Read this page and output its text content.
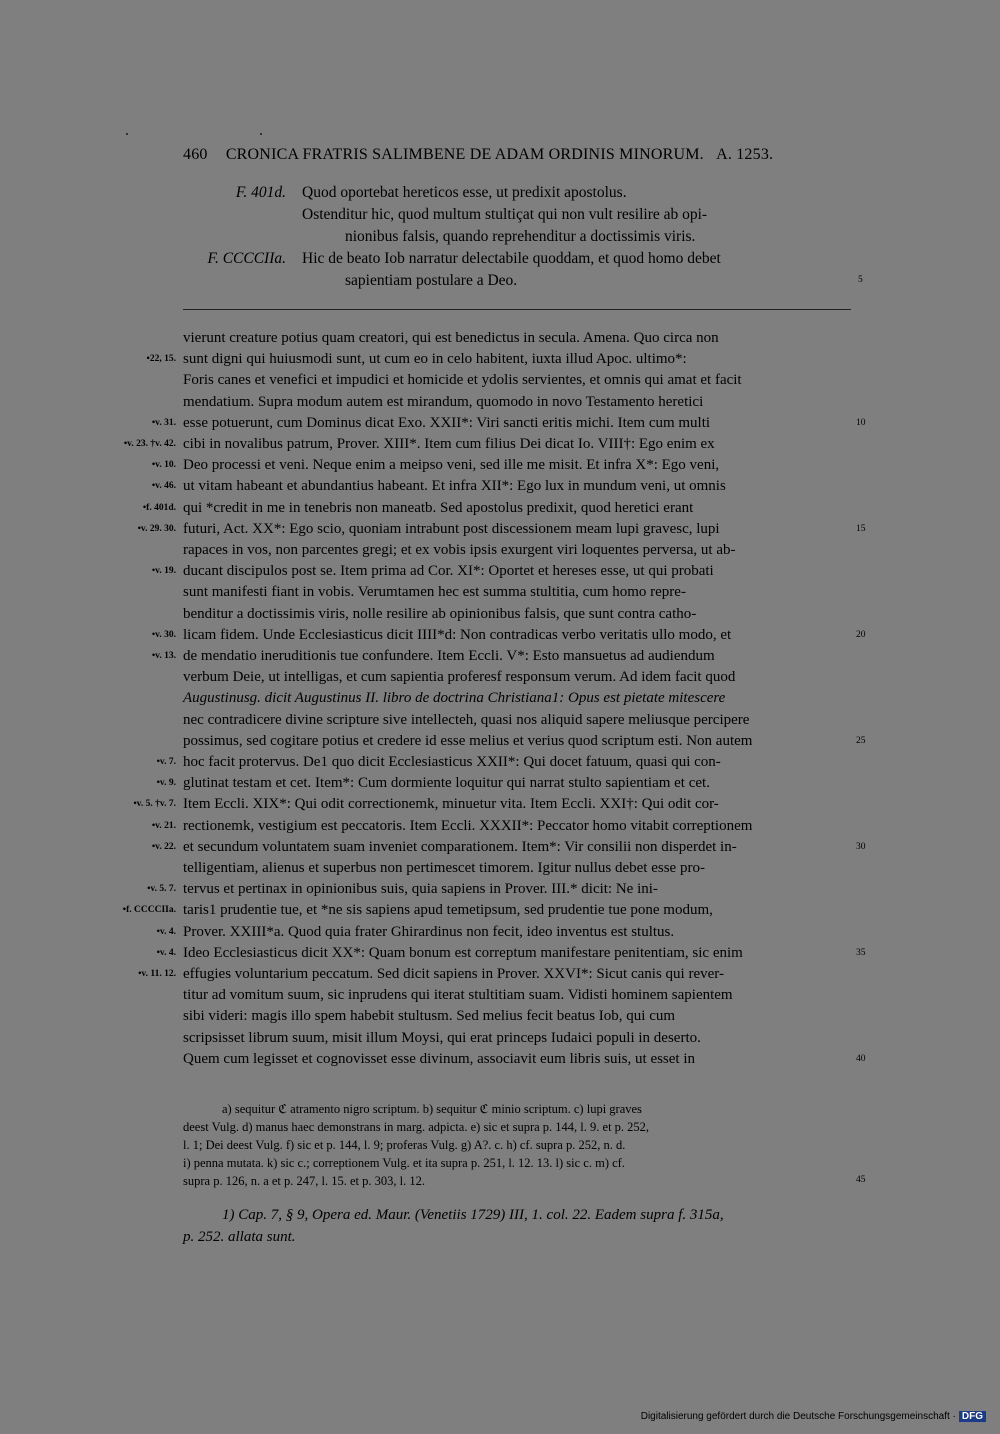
460 CRONICA FRATRIS SALIMBENE DE ADAM ORDINIS MINORUM. A. 1253.
F. 401d. Quod oportebat hereticos esse, ut predixit apostolus.
Ostenditur hic, quod multum stultiçat qui non vult resilire ab opi-
nionibus falsis, quando reprehenditur a doctissimis viris.
F. CCCCIIa. Hic de beato Iob narratur delectabile quoddam, et quod homo debet
sapientiam postulare a Deo.	5
vierunt creature potius quam creatori, qui est benedictus in secula. Amena. Quo circa non
•22, 15. sunt digni qui huiusmodi sunt, ut cum eo in celo habitent, iuxta illud Apoc. ultimo*:
Foris canes et venefici et impudici et homicide et ydolis servientes, et omnis qui amat et facit
mendatium. Supra modum autem est mirandum, quomodo in novo Testamento heretici
•v. 31. esse potuerunt, cum Dominus dicat Exo. XXII*: Viri sancti eritis michi. Item cum multi	10
•v. 23. †v. 42. cibi in novalibus patrum, Prover. XIII*. Item cum filius Dei dicat Io. VIII†: Ego enim ex
•v. 10. Deo processi et veni. Neque enim a meipso veni, sed ille me misit. Et infra X*: Ego veni,
•v. 46. ut vitam habeant et abundantius habeant. Et infra XII*: Ego lux in mundum veni, ut omnis
•f. 401d. qui *credit in me in tenebris non maneatb. Sed apostolus predixit, quod heretici erant
•v. 29. 30. futuri, Act. XX*: Ego scio, quoniam intrabunt post discessionem meam lupi gravesc, lupi	15
rapaces in vos, non parcentes gregi; et ex vobis ipsis exurgent viri loquentes perversa, ut ab-
•v. 19. ducant discipulos post se. Item prima ad Cor. XI*: Oportet et hereses esse, ut qui probati
sunt manifesti fiant in vobis. Verumtamen hec est summa stultitia, cum homo repre-
benditur a doctissimis viris, nolle resilire ab opinionibus falsis, que sunt contra catho-
•v. 30. licam fidem. Unde Ecclesiasticus dicit IIII*d: Non contradicas verbo veritatis ullo modo, et	20
•v. 13. de mendatio ineruditionis tue confundere. Item Eccli. V*: Esto mansuetus ad audiendum
verbum Deie, ut intelligas, et cum sapientia proferesf responsum verum. Ad idem facit quod
Augustinusg. dicit Augustinus II. libro de doctrina Christiana1: Opus est pietate mitescere
nec contradicere divine scripture sive intellecteh, quasi nos aliquid sapere meliusque percipere
possimus, sed cogitare potius et credere id esse melius et verius quod scriptum esti. Non autem	25
•v. 7. hoc facit protervus. De1 quo dicit Ecclesiasticus XXII*: Qui docet fatuum, quasi qui con-
•v. 9. glutinat testam et cet. Item*: Cum dormiente loquitur qui narrat stulto sapientiam et cet.
•v. 5. †v. 7. Item Eccli. XIX*: Qui odit correctionemk, minuetur vita. Item Eccli. XXI†: Qui odit cor-
•v. 21. rectionemk, vestigium est peccatoris. Item Eccli. XXXII*: Peccator homo vitabit correptionem
•v. 22. et secundum voluntatem suam inveniet comparationem. Item*: Vir consilii non disperdet in-	30
telligentiam, alienus et superbus non pertimescet timorem. Igitur nullus debet esse pro-
•v. 5. 7. tervus et pertinax in opinionibus suis, quia sapiens in Prover. III.* dicit: Ne ini-
•f. CCCCIIa. taris1 prudentie tue, et *ne sis sapiens apud temetipsum, sed prudentie tue pone modum,
•v. 4. Prover. XXIII*a. Quod quia frater Ghirardinus non fecit, ideo inventus est stultus.
•v. 4. Ideo Ecclesiasticus dicit XX*: Quam bonum est correptum manifestare penitentiam, sic enim	35
•v. 11. 12. effugies voluntarium peccatum. Sed dicit sapiens in Prover. XXVI*: Sicut canis qui rever-
titur ad vomitum suum, sic inprudens qui iterat stultitiam suam. Vidisti hominem sapientem
sibi videri: magis illo spem habebit stultusm. Sed melius fecit beatus Iob, qui cum
scripsisset librum suum, misit illum Moysi, qui erat princeps Iudaici populi in deserto.
Quem cum legisset et cognovisset esse divinum, associavit eum libris suis, ut esset in	40
a) sequitur ℭ atramento nigro scriptum. b) sequitur ℭ minio scriptum. c) lupi graves
deest Vulg. d) manus haec demonstrans in marg. adpicta. e) sic et supra p. 144, l. 9. et p. 252,
l. 1; Dei deest Vulg. f) sic et p. 144, l. 9; proferas Vulg. g) A?. c. h) cf. supra p. 252, n. d.
i) penna mutata. k) sic c.; correptionem Vulg. et ita supra p. 251, l. 12. 13. l) sic c. m) cf.
supra p. 126, n. a et p. 247, l. 15. et p. 303, l. 12.	45
1) Cap. 7, § 9, Opera ed. Maur. (Venetiis 1729) III, 1. col. 22. Eadem supra f. 315a,
p. 252. allata sunt.
Digitalisierung gefördert durch die Deutsche Forschungsgemeinschaft · DFG
